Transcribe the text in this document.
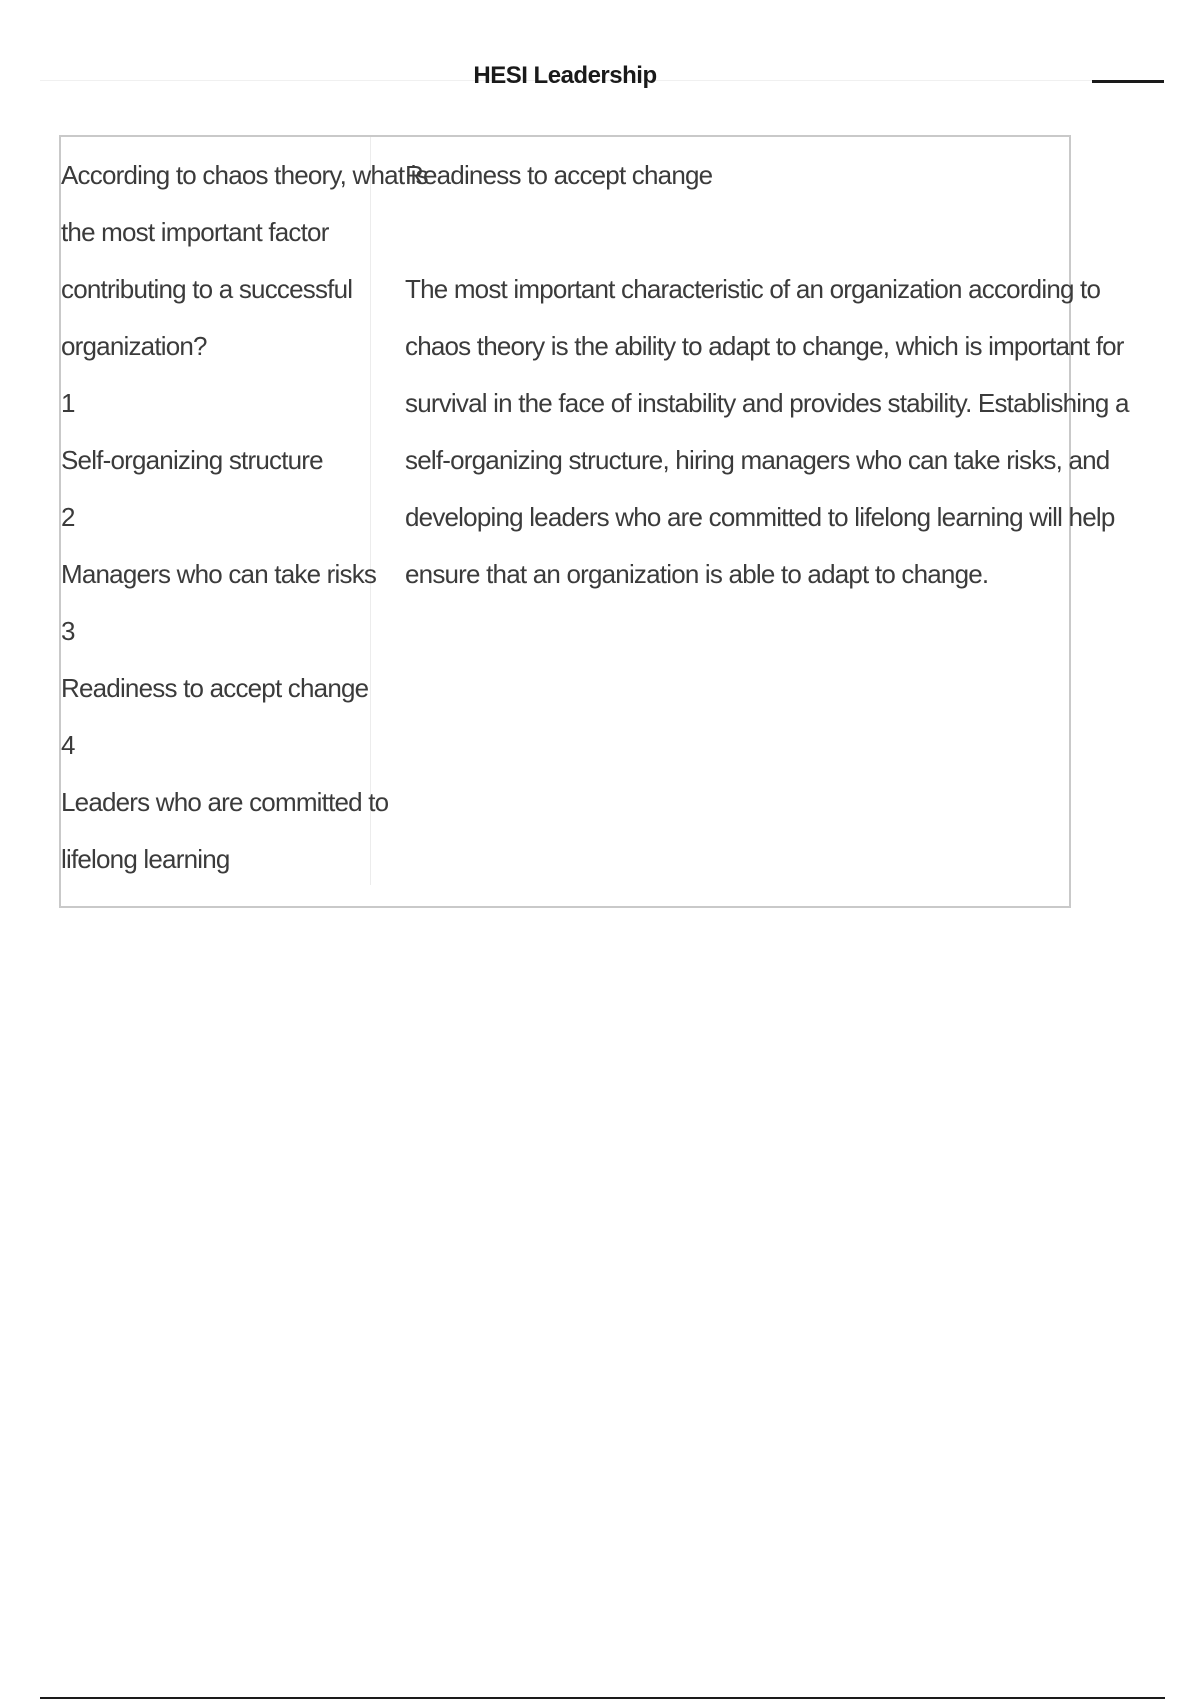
HESI Leadership
According to chaos theory, what is
the most important factor
contributing to a successful
organization?
1
Self-organizing structure
2
Managers who can take risks
3
Readiness to accept change
4
Leaders who are committed to
lifelong learning
Readiness to accept change
The most important characteristic of an organization according to
chaos theory is the ability to adapt to change, which is important for
survival in the face of instability and provides stability. Establishing a
self-organizing structure, hiring managers who can take risks, and
developing leaders who are committed to lifelong learning will help
ensure that an organization is able to adapt to change.
